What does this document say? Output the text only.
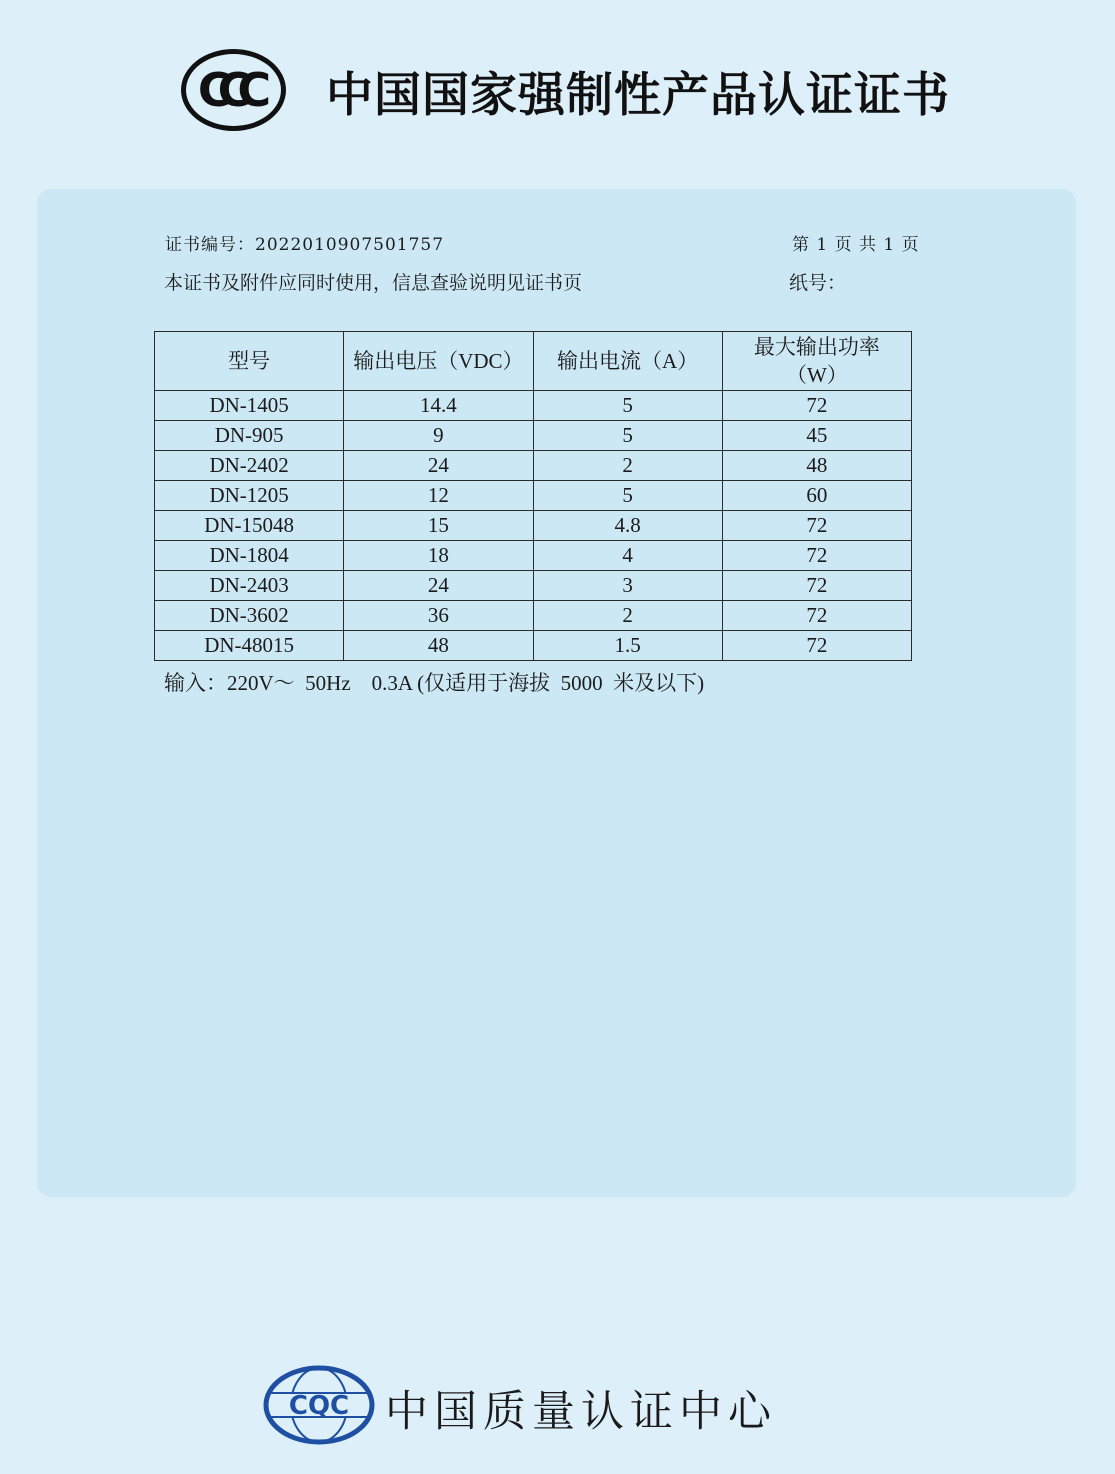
CCC 中国国家强制性产品认证证书
证书编号：2022010907501757	第 1 页 共 1 页
本证书及附件应同时使用，信息查验说明见证书页	纸号：
型号	输出电压（VDC）	输出电流（A）	最大输出功率
（W）
DN-1405	14.4	5	72
DN-905	9	5	45
DN-2402	24	2	48
DN-1205	12	5	60
DN-15048	15	4.8	72
DN-1804	18	4	72
DN-2403	24	3	72
DN-3602	36	2	72
DN-48015	48	1.5	72
输入：220V～  50Hz    0.3A (仅适用于海拔  5000  米及以下)
CQC 中国质量认证中心
